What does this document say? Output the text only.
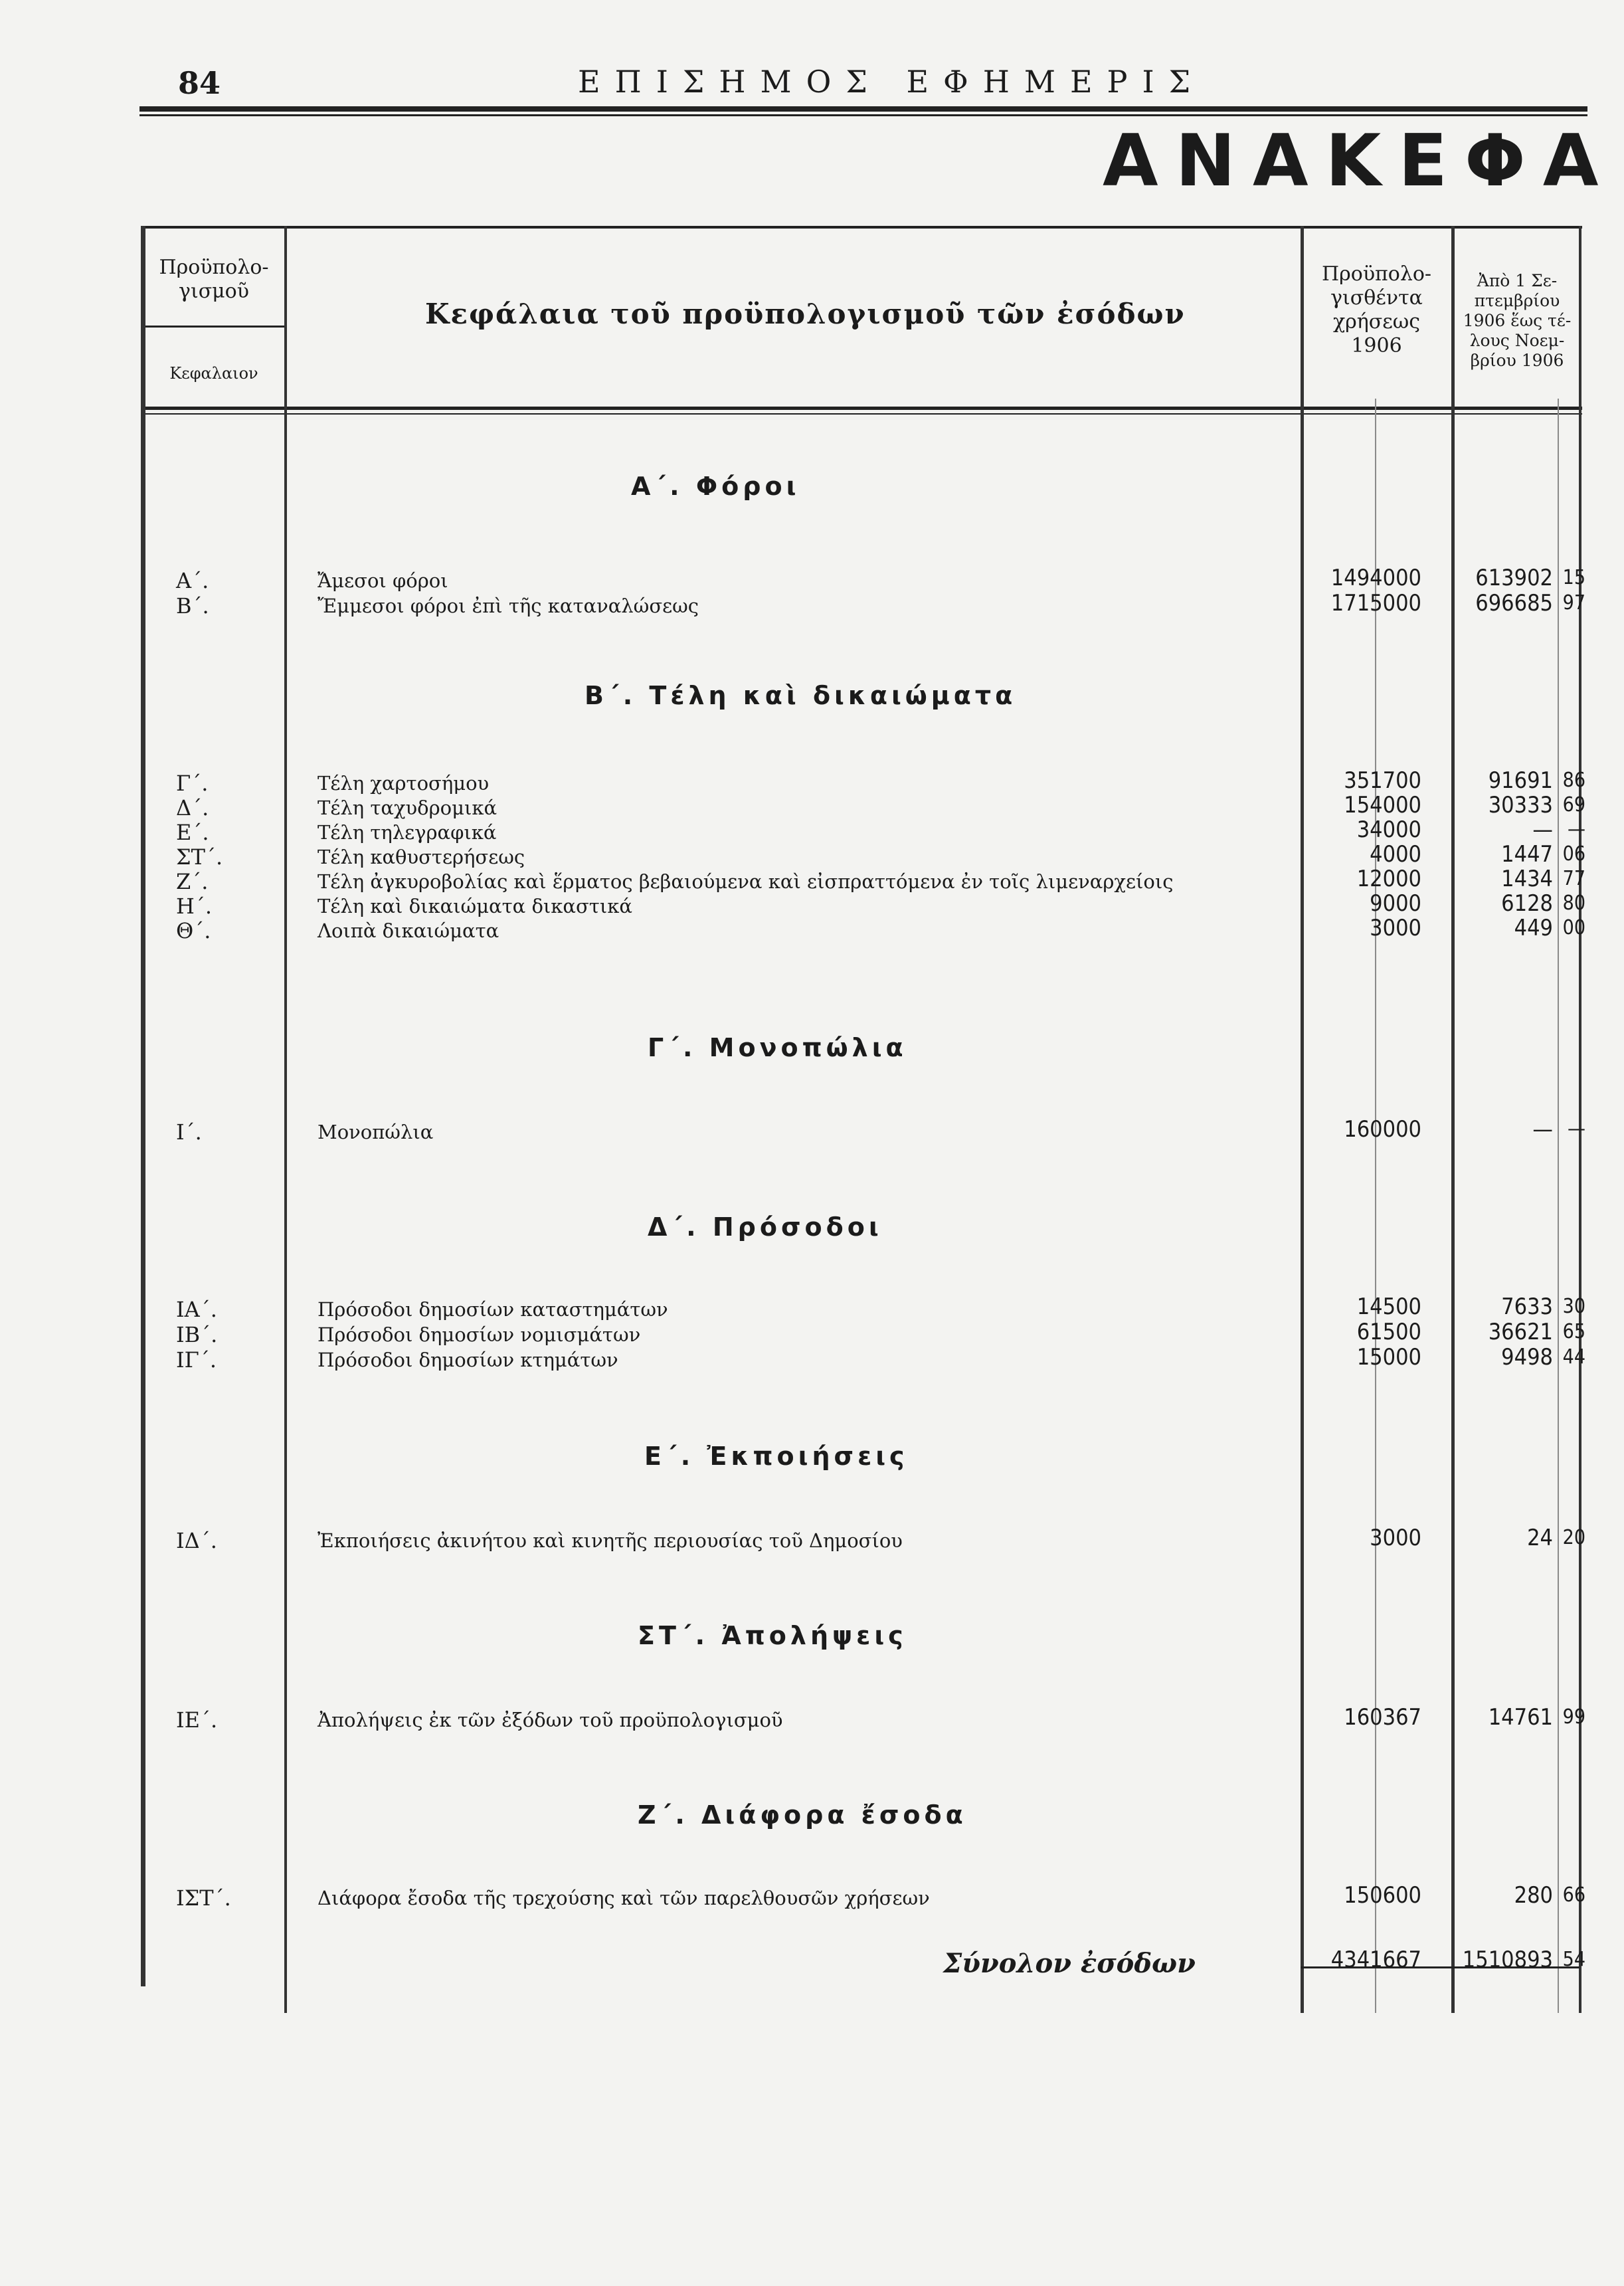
84	ΕΠΙΣΗΜΟΣ ΕΦΗΜΕΡΙΣ
ΑΝΑΚΕΦΑ
Προϋπολο-γισμοῦ
Κεφαλαιον
Κεφάλαια τοῦ προϋπολογισμοῦ τῶν ἐσόδων
Προϋπολο-γισθέντα χρήσεως 1906
Ἀπὸ 1 Σε-πτεμβρίου 1906 ἕως τέ-λους Νοεμ-βρίου 1906
Α΄. Φόροι
Α΄.	Ἄμεσοι φόροι	1494000	613902 15
Β΄.	Ἔμμεσοι φόροι ἐπὶ τῆς καταναλώσεως	1715000	696685 97
Β΄. Τέλη καὶ δικαιώματα
Γ΄.	Τέλη χαρτοσήμου	351700	91691 86
Δ΄.	Τέλη ταχυδρομικά	154000	30333 69
Ε΄.	Τέλη τηλεγραφικά	34000	— —
ΣΤ΄.	Τέλη καθυστερήσεως	4000	1447 06
Ζ΄.	Τέλη ἀγκυροβολίας καὶ ἕρματος βεβαιούμενα καὶ εἰσπραττόμενα ἐν τοῖς λιμεναρχείοις	12000	1434 77
Η΄.	Τέλη καὶ δικαιώματα δικαστικά	9000	6128 80
Θ΄.	Λοιπὰ δικαιώματα	3000	449 00
Γ΄. Μονοπώλια
Ι΄.	Μονοπώλια	160000	— —
Δ΄. Πρόσοδοι
ΙΑ΄.	Πρόσοδοι δημοσίων καταστημάτων	14500	7633 30
ΙΒ΄.	Πρόσοδοι δημοσίων νομισμάτων	61500	36621 65
ΙΓ΄.	Πρόσοδοι δημοσίων κτημάτων	15000	9498 44
Ε΄. Ἐκποιήσεις
ΙΔ΄.	Ἐκποιήσεις ἀκινήτου καὶ κινητῆς περιουσίας τοῦ Δημοσίου	3000	24 20
ΣΤ΄. Ἀπολήψεις
ΙΕ΄.	Ἀπολήψεις ἐκ τῶν ἐξόδων τοῦ προϋπολογισμοῦ	160367	14761 99
Ζ΄. Διάφορα ἔσοδα
ΙΣΤ΄.	Διάφορα ἔσοδα τῆς τρεχούσης καὶ τῶν παρελθουσῶν χρήσεων	150600	280 66
Σύνολον ἐσόδων	4341667	1510893 54
